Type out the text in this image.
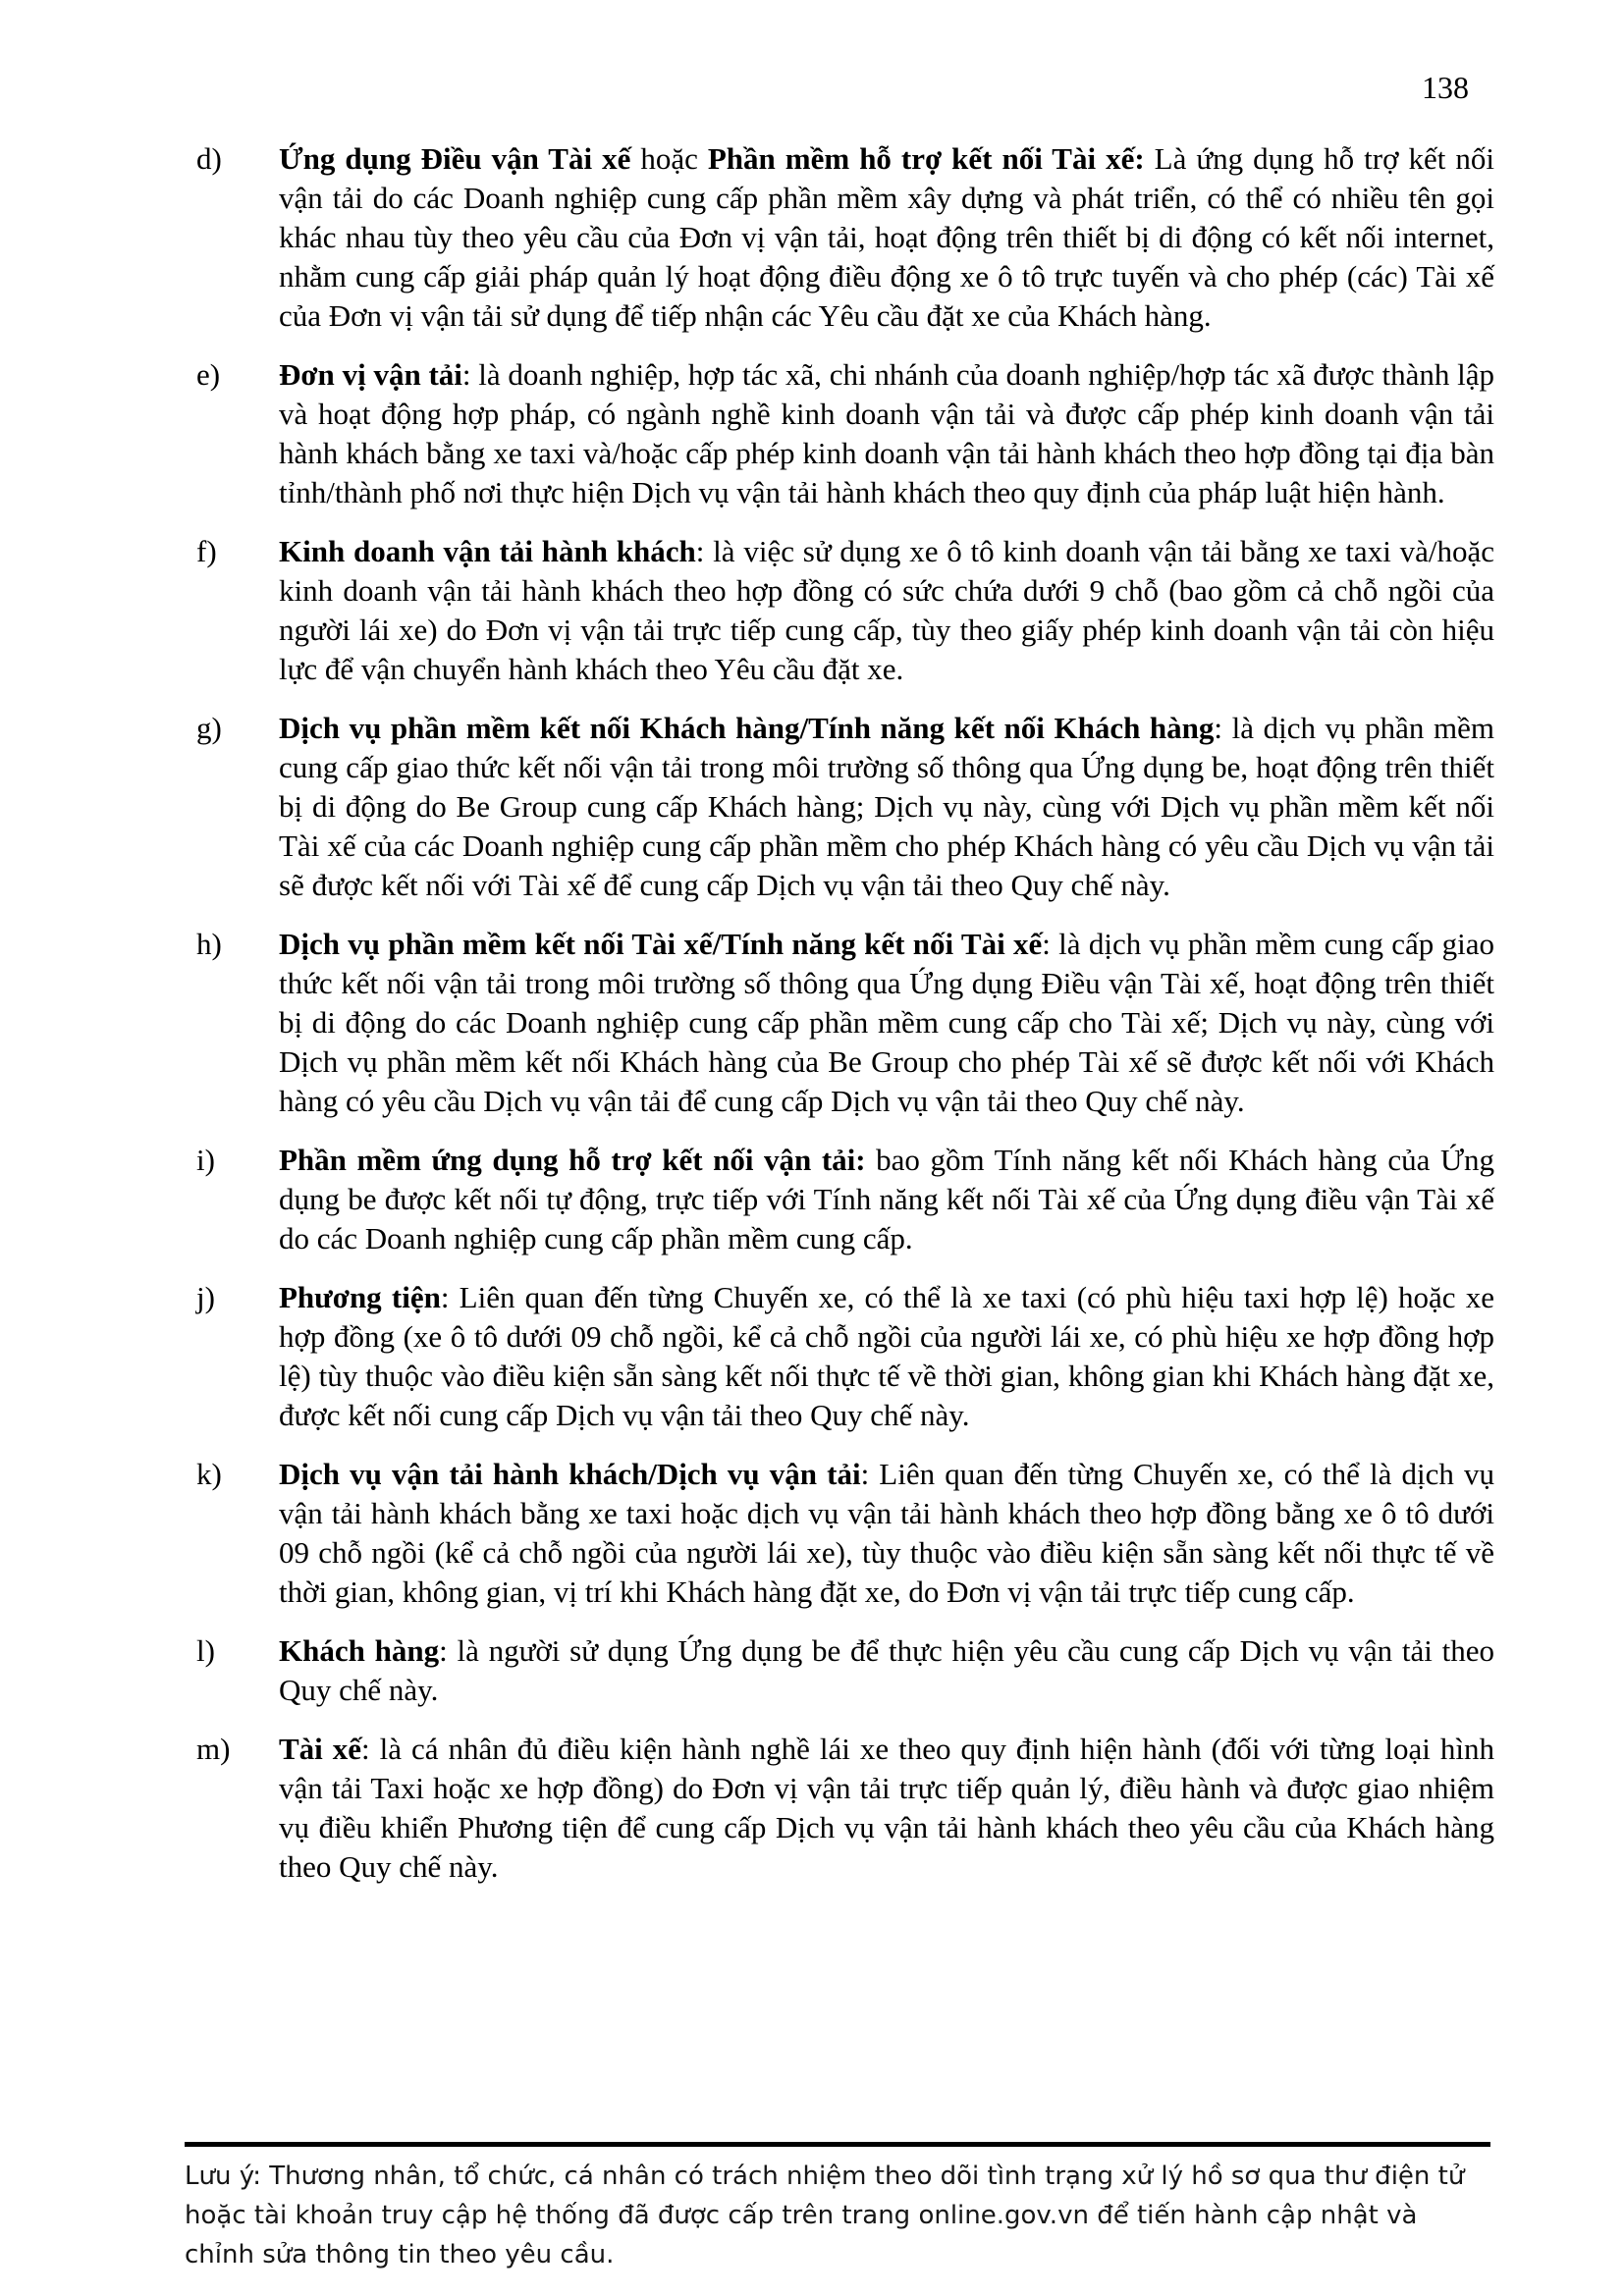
138
d)	Ứng dụng Điều vận Tài xế hoặc Phần mềm hỗ trợ kết nối Tài xế: Là ứng dụng hỗ trợ kết nối vận tải do các Doanh nghiệp cung cấp phần mềm xây dựng và phát triển, có thể có nhiều tên gọi khác nhau tùy theo yêu cầu của Đơn vị vận tải, hoạt động trên thiết bị di động có kết nối internet, nhằm cung cấp giải pháp quản lý hoạt động điều động xe ô tô trực tuyến và cho phép (các) Tài xế của Đơn vị vận tải sử dụng để tiếp nhận các Yêu cầu đặt xe của Khách hàng.
e)	Đơn vị vận tải: là doanh nghiệp, hợp tác xã, chi nhánh của doanh nghiệp/hợp tác xã được thành lập và hoạt động hợp pháp, có ngành nghề kinh doanh vận tải và được cấp phép kinh doanh vận tải hành khách bằng xe taxi và/hoặc cấp phép kinh doanh vận tải hành khách theo hợp đồng tại địa bàn tỉnh/thành phố nơi thực hiện Dịch vụ vận tải hành khách theo quy định của pháp luật hiện hành.
f)	Kinh doanh vận tải hành khách: là việc sử dụng xe ô tô kinh doanh vận tải bằng xe taxi và/hoặc kinh doanh vận tải hành khách theo hợp đồng có sức chứa dưới 9 chỗ (bao gồm cả chỗ ngồi của người lái xe) do Đơn vị vận tải trực tiếp cung cấp, tùy theo giấy phép kinh doanh vận tải còn hiệu lực để vận chuyển hành khách theo Yêu cầu đặt xe.
g)	Dịch vụ phần mềm kết nối Khách hàng/Tính năng kết nối Khách hàng: là dịch vụ phần mềm cung cấp giao thức kết nối vận tải trong môi trường số thông qua Ứng dụng be, hoạt động trên thiết bị di động do Be Group cung cấp Khách hàng; Dịch vụ này, cùng với Dịch vụ phần mềm kết nối Tài xế của các Doanh nghiệp cung cấp phần mềm cho phép Khách hàng có yêu cầu Dịch vụ vận tải sẽ được kết nối với Tài xế để cung cấp Dịch vụ vận tải theo Quy chế này.
h)	Dịch vụ phần mềm kết nối Tài xế/Tính năng kết nối Tài xế: là dịch vụ phần mềm cung cấp giao thức kết nối vận tải trong môi trường số thông qua Ứng dụng Điều vận Tài xế, hoạt động trên thiết bị di động do các Doanh nghiệp cung cấp phần mềm cung cấp cho Tài xế; Dịch vụ này, cùng với Dịch vụ phần mềm kết nối Khách hàng của Be Group cho phép Tài xế sẽ được kết nối với Khách hàng có yêu cầu Dịch vụ vận tải để cung cấp Dịch vụ vận tải theo Quy chế này.
i)	Phần mềm ứng dụng hỗ trợ kết nối vận tải: bao gồm Tính năng kết nối Khách hàng của Ứng dụng be được kết nối tự động, trực tiếp với Tính năng kết nối Tài xế của Ứng dụng điều vận Tài xế do các Doanh nghiệp cung cấp phần mềm cung cấp.
j)	Phương tiện: Liên quan đến từng Chuyến xe, có thể là xe taxi (có phù hiệu taxi hợp lệ) hoặc xe hợp đồng (xe ô tô dưới 09 chỗ ngồi, kể cả chỗ ngồi của người lái xe, có phù hiệu xe hợp đồng hợp lệ) tùy thuộc vào điều kiện sẵn sàng kết nối thực tế về thời gian, không gian khi Khách hàng đặt xe, được kết nối cung cấp Dịch vụ vận tải theo Quy chế này.
k)	Dịch vụ vận tải hành khách/Dịch vụ vận tải: Liên quan đến từng Chuyến xe, có thể là dịch vụ vận tải hành khách bằng xe taxi hoặc dịch vụ vận tải hành khách theo hợp đồng bằng xe ô tô dưới 09 chỗ ngồi (kể cả chỗ ngồi của người lái xe), tùy thuộc vào điều kiện sẵn sàng kết nối thực tế về thời gian, không gian, vị trí khi Khách hàng đặt xe, do Đơn vị vận tải trực tiếp cung cấp.
l)	Khách hàng: là người sử dụng Ứng dụng be để thực hiện yêu cầu cung cấp Dịch vụ vận tải theo Quy chế này.
m)	Tài xế: là cá nhân đủ điều kiện hành nghề lái xe theo quy định hiện hành (đối với từng loại hình vận tải Taxi hoặc xe hợp đồng) do Đơn vị vận tải trực tiếp quản lý, điều hành và được giao nhiệm vụ điều khiển Phương tiện để cung cấp Dịch vụ vận tải hành khách theo yêu cầu của Khách hàng theo Quy chế này.
Lưu ý: Thương nhân, tổ chức, cá nhân có trách nhiệm theo dõi tình trạng xử lý hồ sơ qua thư điện tử hoặc tài khoản truy cập hệ thống đã được cấp trên trang online.gov.vn để tiến hành cập nhật và chỉnh sửa thông tin theo yêu cầu.
